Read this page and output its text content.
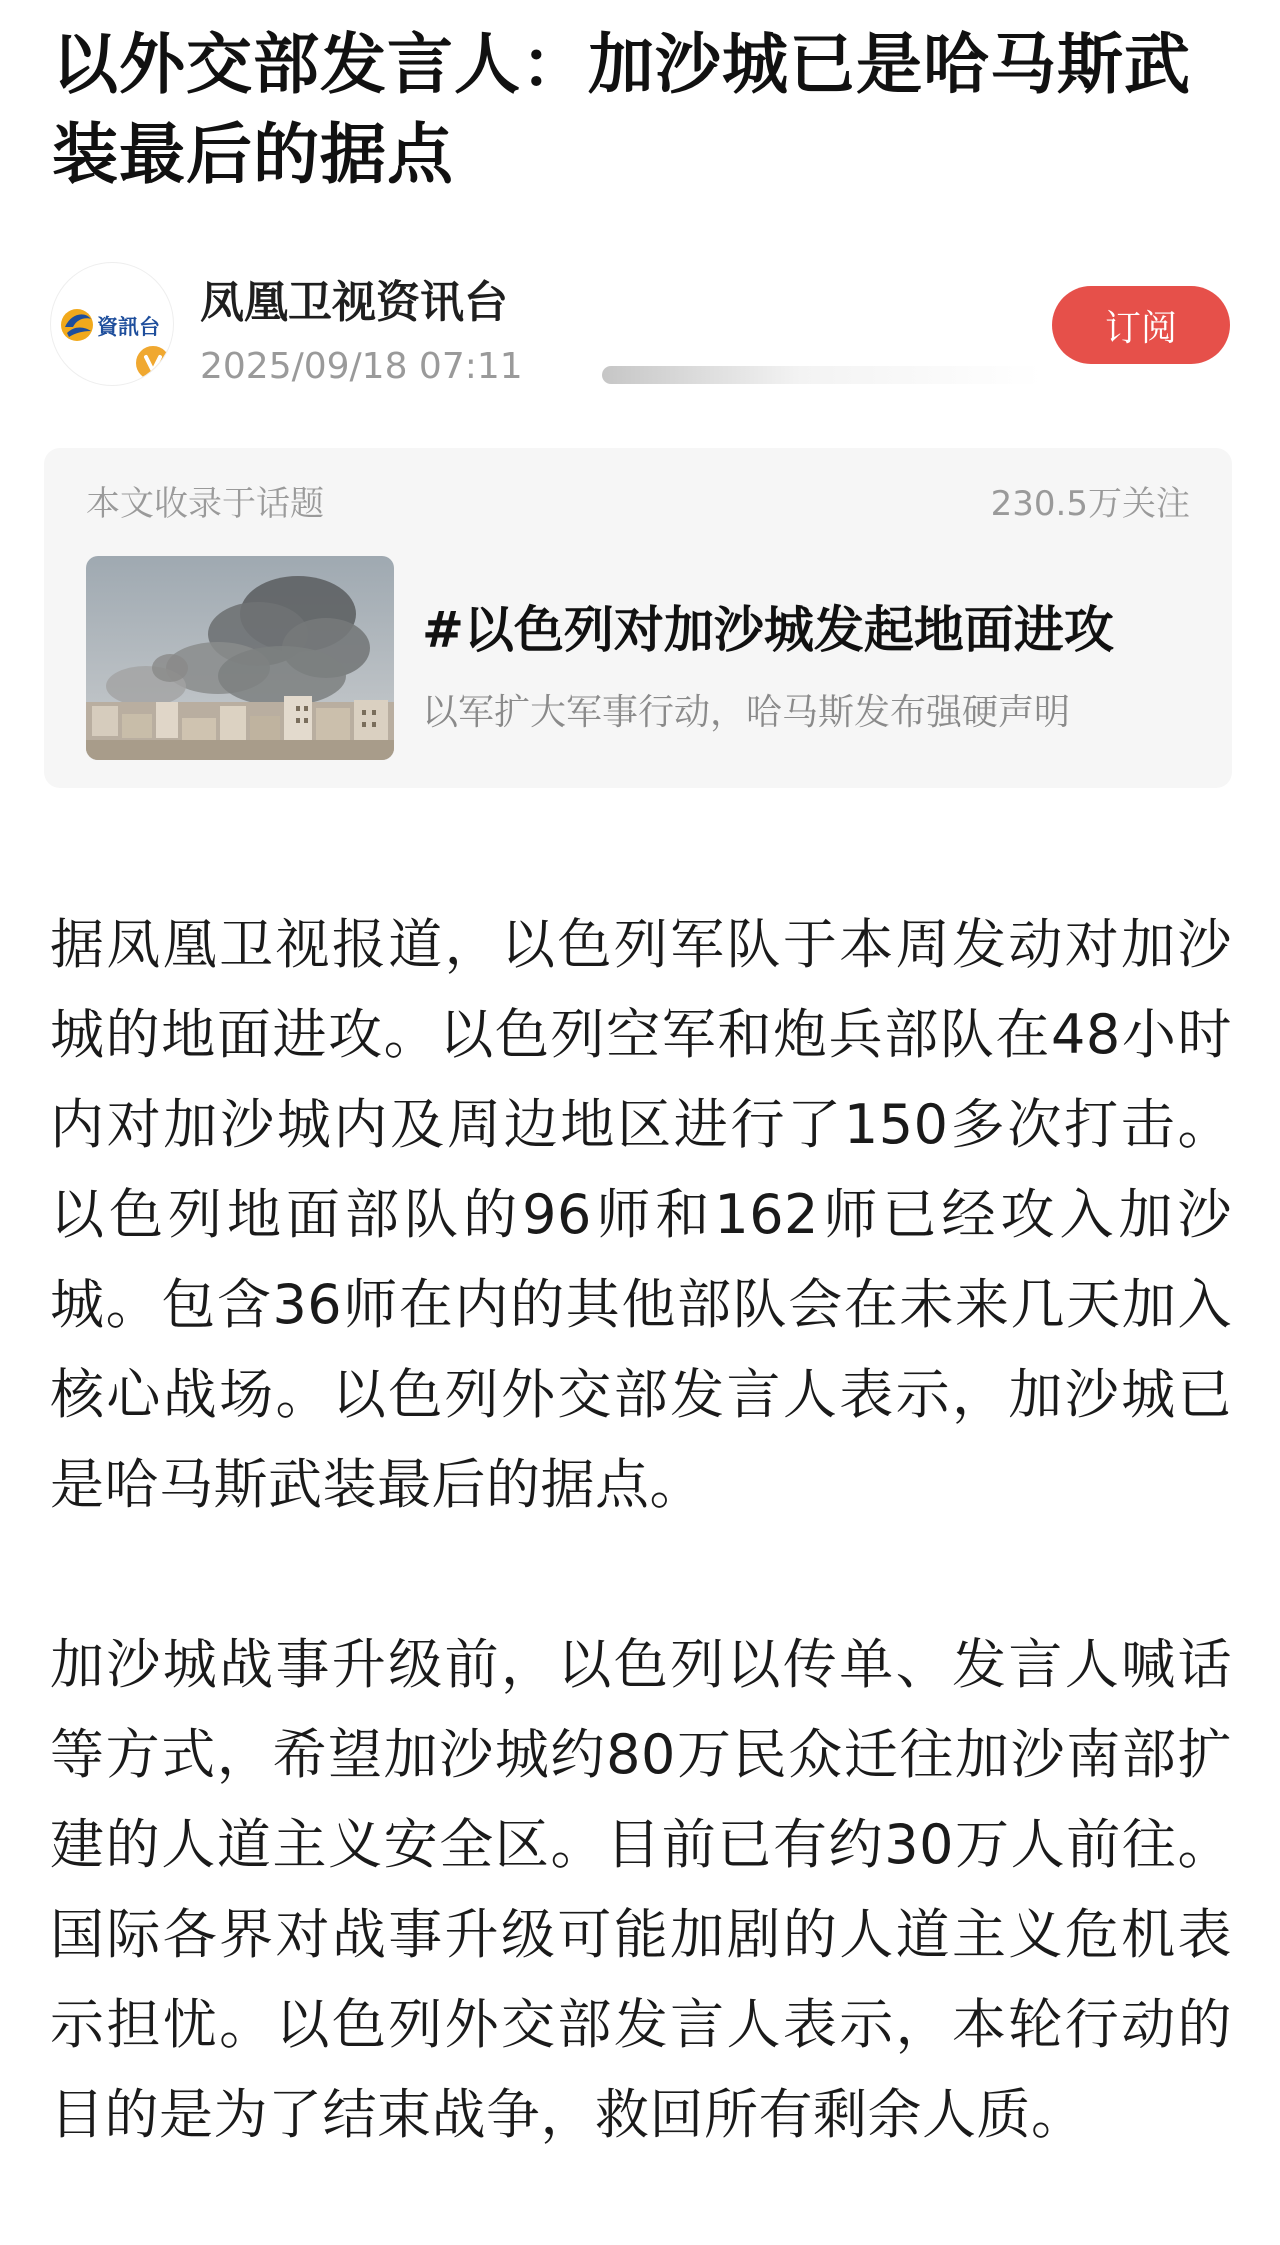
以外交部发言人：加沙城已是哈马斯武装最后的据点
資訊台 凤凰卫视资讯台
2025/09/18 07:11
订阅
本文收录于话题	230.5万关注
#以色列对加沙城发起地面进攻
以军扩大军事行动，哈马斯发布强硬声明

据凤凰卫视报道，以色列军队于本周发动对加沙城的地面进攻。以色列空军和炮兵部队在48小时内对加沙城内及周边地区进行了150多次打击。以色列地面部队的96师和162师已经攻入加沙城。包含36师在内的其他部队会在未来几天加入核心战场。以色列外交部发言人表示，加沙城已是哈马斯武装最后的据点。

加沙城战事升级前，以色列以传单、发言人喊话等方式，希望加沙城约80万民众迁往加沙南部扩建的人道主义安全区。目前已有约30万人前往。国际各界对战事升级可能加剧的人道主义危机表示担忧。以色列外交部发言人表示，本轮行动的目的是为了结束战争，救回所有剩余人质。
